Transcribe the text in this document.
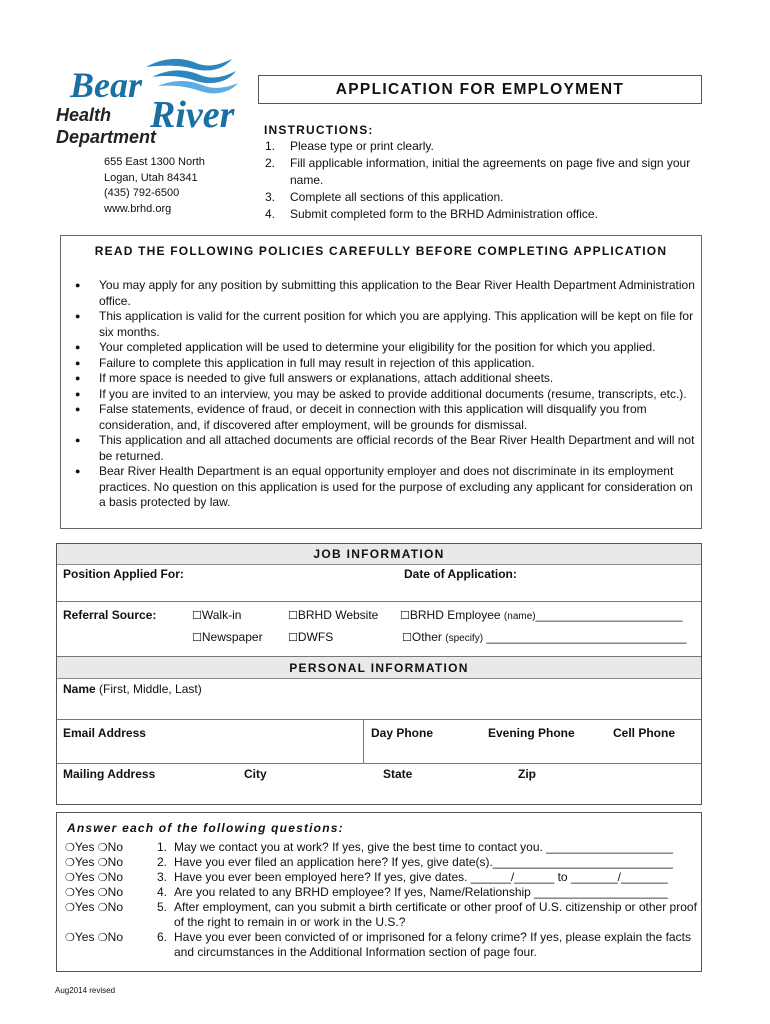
Bear
River
Health
Department
655 East 1300 North
Logan, Utah 84341
(435) 792-6500
www.brhd.org
APPLICATION FOR EMPLOYMENT
INSTRUCTIONS:
1.	Please type or print clearly.
2.	Fill applicable information, initial the agreements on page five and sign your name.
3.	Complete all sections of this application.
4.	Submit completed form to the BRHD Administration office.
READ THE FOLLOWING POLICIES CAREFULLY BEFORE COMPLETING APPLICATION
●	You may apply for any position by submitting this application to the Bear River Health Department Administration office.
●	This application is valid for the current position for which you are applying. This application will be kept on file for six months.
●	Your completed application will be used to determine your eligibility for the position for which you applied.
●	Failure to complete this application in full may result in rejection of this application.
●	If more space is needed to give full answers or explanations, attach additional sheets.
●	If you are invited to an interview, you may be asked to provide additional documents (resume, transcripts, etc.).
●	False statements, evidence of fraud, or deceit in connection with this application will disqualify you from consideration, and, if discovered after employment, will be grounds for dismissal.
●	This application and all attached documents are official records of the Bear River Health Department and will not be returned.
●	Bear River Health Department is an equal opportunity employer and does not discriminate in its employment practices. No question on this application is used for the purpose of excluding any applicant for consideration on a basis protected by law.
JOB INFORMATION
Position Applied For:	Date of Application:
Referral Source:	☐Walk-in	☐BRHD Website ☐BRHD Employee (name)______________________
☐Newspaper ☐DWFS	☐Other (specify) ______________________________
PERSONAL INFORMATION
Name (First, Middle, Last)
Email Address	Day Phone	Evening Phone	Cell Phone
Mailing Address	City	State	Zip
Answer each of the following questions:
❍Yes ❍No	1. May we contact you at work? If yes, give the best time to contact you. ___________________
❍Yes ❍No	2. Have you ever filed an application here? If yes, give date(s).___________________________
❍Yes ❍No	3. Have you ever been employed here? If yes, give dates. ______/______ to _______/_______
❍Yes ❍No	4. Are you related to any BRHD employee? If yes, Name/Relationship ____________________
❍Yes ❍No	5. After employment, can you submit a birth certificate or other proof of U.S. citizenship or other proof of the right to remain in or work in the U.S.?
❍Yes ❍No	6. Have you ever been convicted of or imprisoned for a felony crime? If yes, please explain the facts and circumstances in the Additional Information section of page four.
Aug2014 revised
